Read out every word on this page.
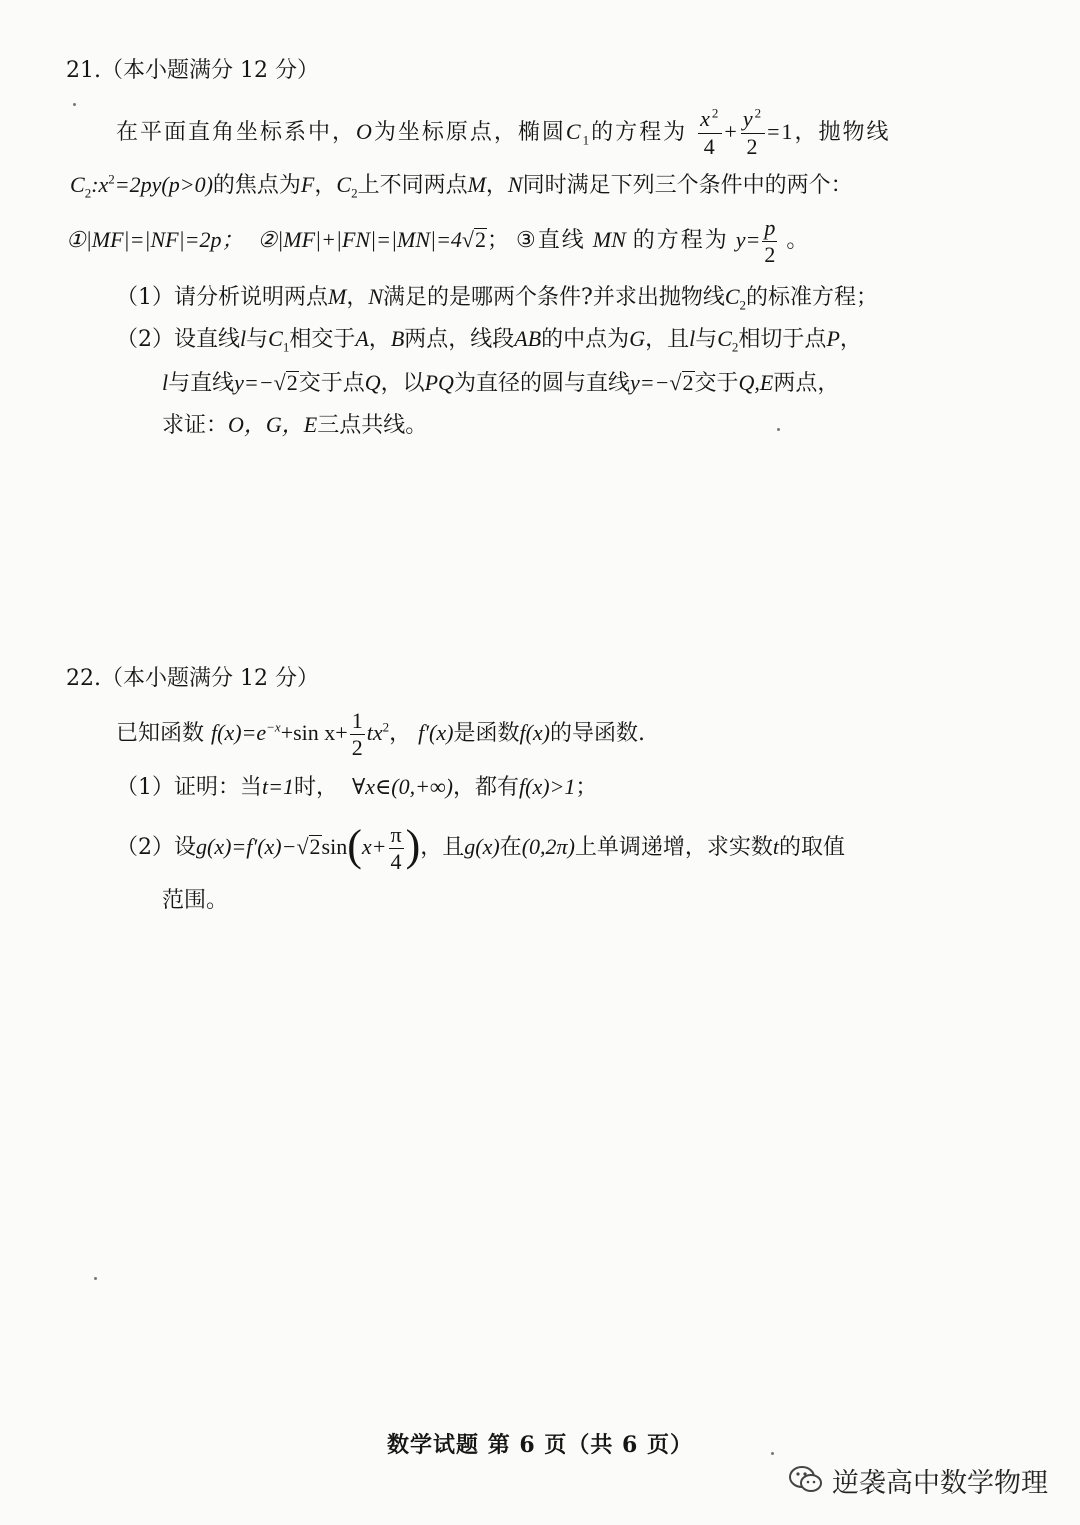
21.（本小题满分 12 分）
在平面直角坐标系中，O为坐标原点，椭圆$C_1$的方程为 $\frac{x^2}{4} + \frac{y^2}{2} =1$，抛物线
$C_2:x^2=2py(p>0)$的焦点为F，$C_2$上不同两点M，N同时满足下列三个条件中的两个：
①|MF|=|NF|=2p； ②|MF|+|FN|=|MN|=4√2； ③直线 MN 的方程为 $y= \frac{p}{2}$ 。
（1）请分析说明两点M，N满足的是哪两个条件?并求出抛物线$C_2$的标准方程；
（2）设直线l与$C_1$相交于A，B两点，线段AB的中点为G，且l与$C_2$相切于点P，
l与直线y=−√2交于点Q，以PQ为直径的圆与直线y=−√2交于Q,E两点，
求证：O，G，E三点共线。
22.（本小题满分 12 分）
已知函数 $f(x)=e^{-x}+\sin$ $x+ \frac{1}{2} tx^2$， f′(x)是函数f(x)的导函数.
（1）证明：当t=1时， ∀x∈(0,+∞)，都有f(x)>1；
（2）设$g(x)=f'(x)-√2\sin(x+ \frac{\pi}{4}$ )，且g(x)在(0,2π)上单调递增，求实数t的取值
范围。
数学试题 第 6 页（共 6 页）
逆袭高中数学物理
